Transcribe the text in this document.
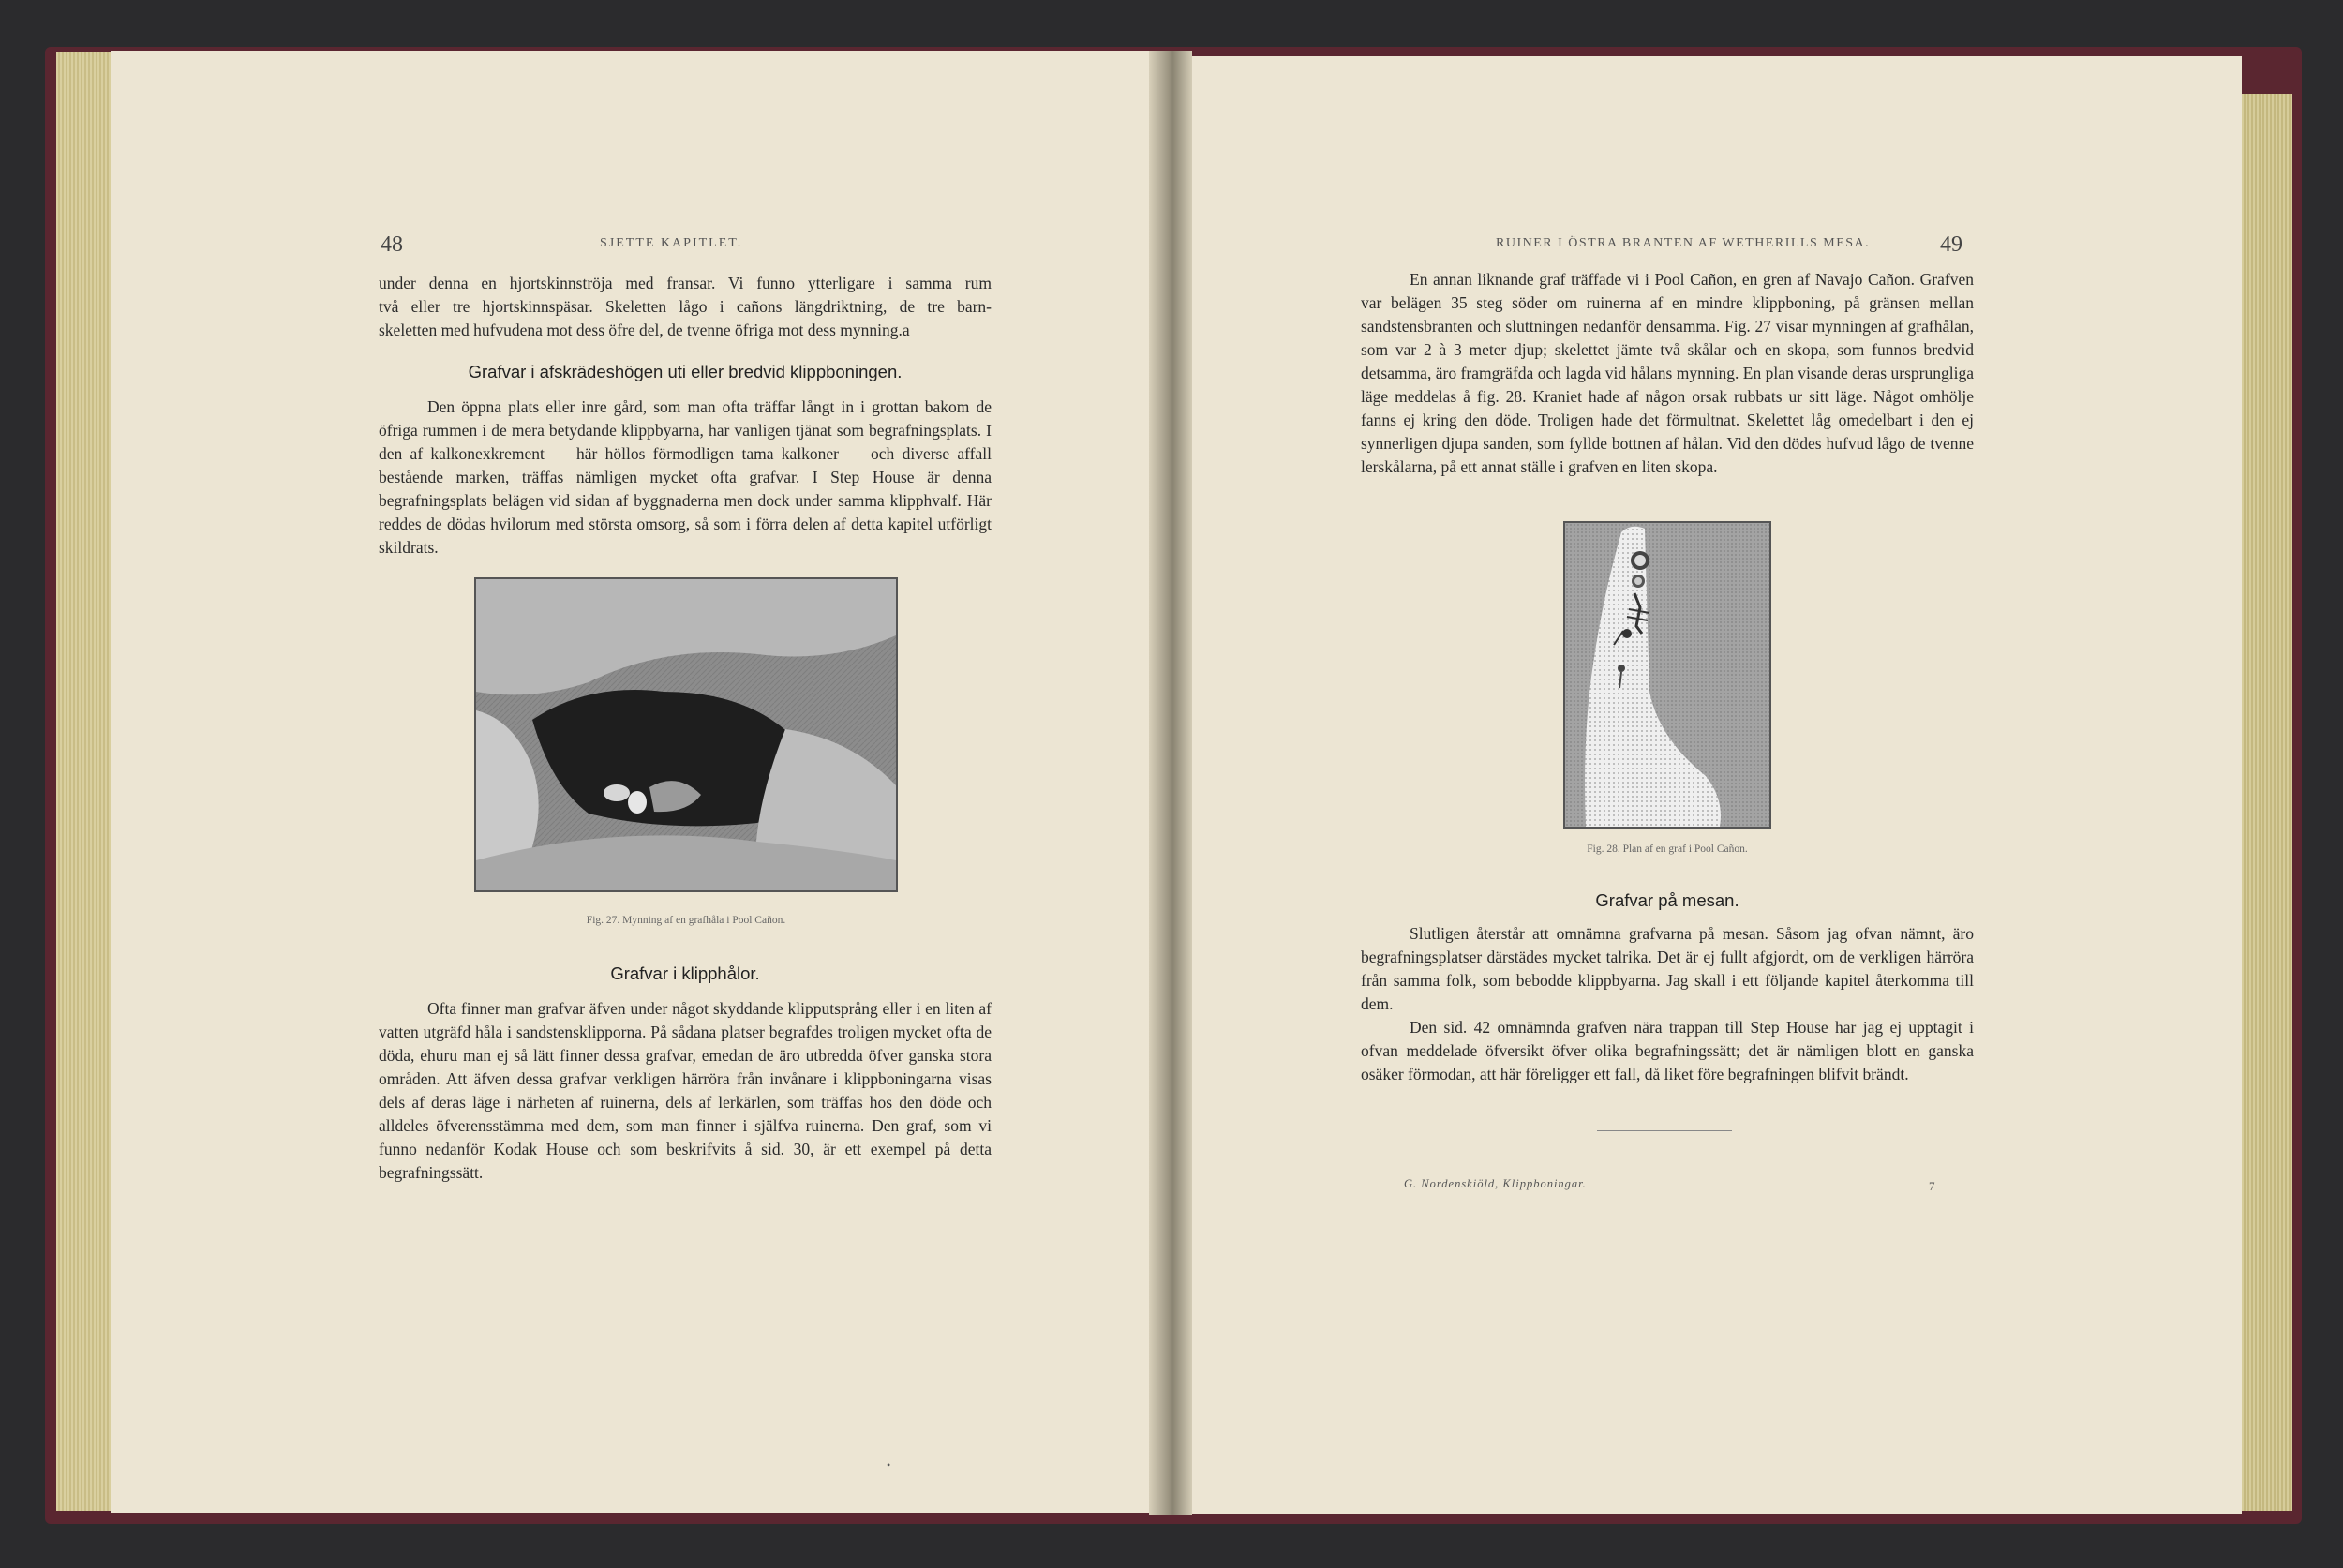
48	SJETTE KAPITLET.
under denna en hjortskinnströja med fransar. Vi funno ytterligare i samma rum
två eller tre hjortskinnspäsar. Skeletten lågo i cañons längdriktning, de tre barn-
skeletten med hufvudena mot dess öfre del, de tvenne öfriga mot dess mynning.a
Grafvar i afskrädeshögen uti eller bredvid klippboningen.

Den öppna plats eller inre gård, som man ofta träffar långt in i grottan bakom de öfriga rummen i de mera betydande klippbyarna, har vanligen tjänat som begrafningsplats. I den af kalkonexkrement — här höllos förmodligen tama kalkoner — och diverse affall bestående marken, träffas nämligen mycket ofta grafvar. I Step House är denna begrafningsplats belägen vid sidan af byggnaderna men dock under samma klipphvalf. Här reddes de dödas hvilorum med största omsorg, så som i förra delen af detta kapitel utförligt skildrats.

Fig. 27. Mynning af en grafhåla i Pool Cañon.
Grafvar i klipphålor.

Ofta finner man grafvar äfven under något skyddande klipputsprång eller i en liten af vatten utgräfd håla i sandstensklipporna. På sådana platser begrafdes troligen mycket ofta de döda, ehuru man ej så lätt finner dessa grafvar, emedan de äro utbredda öfver ganska stora områden. Att äfven dessa grafvar verkligen härröra från invånare i klippboningarna visas dels af deras läge i närheten af ruinerna, dels af lerkärlen, som träffas hos den döde och alldeles öfverensstämma med dem, som man finner i själfva ruinerna. Den graf, som vi funno nedanför Kodak House och som beskrifvits å sid. 30, är ett exempel på detta begrafningssätt.

•
RUINER I ÖSTRA BRANTEN AF WETHERILLS MESA.	49

En annan liknande graf träffade vi i Pool Cañon, en gren af Navajo Cañon. Grafven var belägen 35 steg söder om ruinerna af en mindre klippboning, på gränsen mellan sandstensbranten och sluttningen nedanför densamma. Fig. 27 visar mynningen af grafhålan, som var 2 à 3 meter djup; skelettet jämte två skålar och en skopa, som funnos bredvid detsamma, äro framgräfda och lagda vid hålans mynning. En plan visande deras ursprungliga läge meddelas å fig. 28. Kraniet hade af någon orsak rubbats ur sitt läge. Något omhölje fanns ej kring den döde. Troligen hade det förmultnat. Skelettet låg omedelbart i den ej synnerligen djupa sanden, som fyllde bottnen af hålan. Vid den dödes hufvud lågo de tvenne lerskålarna, på ett annat ställe i grafven en liten skopa.

Fig. 28. Plan af en graf i Pool Cañon.
Grafvar på mesan.

Slutligen återstår att omnämna grafvarna på mesan. Såsom jag ofvan nämnt, äro begrafningsplatser därstädes mycket talrika. Det är ej fullt afgjordt, om de verkligen härröra från samma folk, som bebodde klippbyarna. Jag skall i ett följande kapitel återkomma till dem.

Den sid. 42 omnämnda grafven nära trappan till Step House har jag ej upptagit i ofvan meddelade öfversikt öfver olika begrafningssätt; det är nämligen blott en ganska osäker förmodan, att här föreligger ett fall, då liket före begrafningen blifvit brändt.

G. Nordenskiöld, Klippboningar.	7
